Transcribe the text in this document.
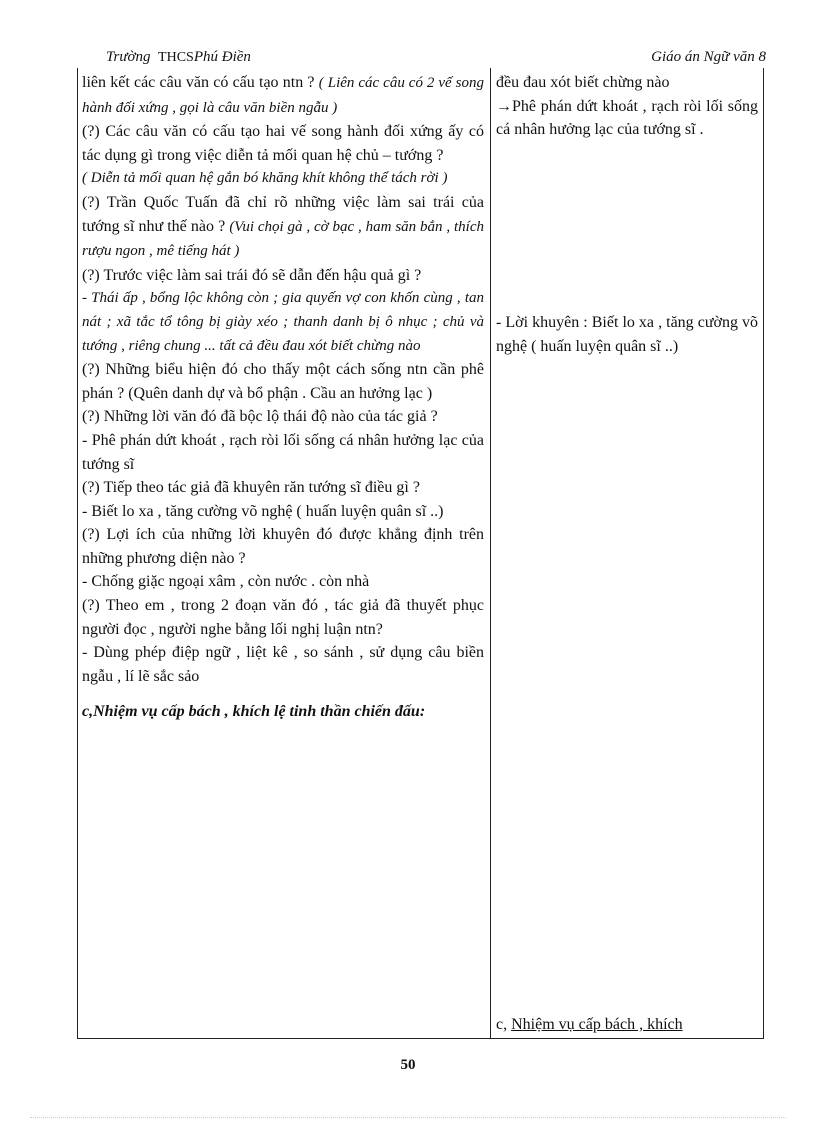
Trường THCSPhú Điền	Giáo án Ngữ văn 8

liên kết các câu văn có cấu tạo ntn ? ( Liên các câu có 2 vế song hành đối xứng , gọi là câu văn biền ngẫu )

(?) Các câu văn có cấu tạo hai vế song hành đối xứng ấy có tác dụng gì trong việc diễn tả mối quan hệ chủ – tướng ?

( Diễn tả mối quan hệ gắn bó khăng khít không thể tách rời )

(?) Trần Quốc Tuấn đã chỉ rõ những việc làm sai trái của tướng sĩ như thế nào ? (Vui chọi gà , cờ bạc , ham săn bắn , thích rượu ngon , mê tiếng hát )

(?) Trước việc làm sai trái đó sẽ dẫn đến hậu quả gì ?

- Thái ấp , bổng lộc không còn ; gia quyến vợ con khốn cùng , tan nát ; xã tắc tổ tông bị giày xéo ; thanh danh bị ô nhục ; chủ và tướng , riêng chung ... tất cả đều đau xót biết chừng nào

(?) Những biểu hiện đó cho thấy một cách sống ntn cần phê phán ? (Quên danh dự và bổ phận . Cầu an hưởng lạc )

(?) Những lời văn đó đã bộc lộ thái độ nào của tác giả ?

- Phê phán dứt khoát , rạch ròi lối sống cá nhân hưởng lạc của tướng sĩ

(?) Tiếp theo tác giả đã khuyên răn tướng sĩ điều gì ?

- Biết lo xa , tăng cường võ nghệ ( huấn luyện quân sĩ ..)

(?) Lợi ích của những lời khuyên đó được khẳng định trên những phương diện nào ?

- Chống giặc ngoại xâm , còn nước . còn nhà

(?) Theo em , trong 2 đoạn văn đó , tác giả đã thuyết phục người đọc , người nghe bằng lối nghị luận ntn?

- Dùng phép điệp ngữ , liệt kê , so sánh , sử dụng câu biền ngẫu , lí lẽ sắc sảo

c,Nhiệm vụ cấp bách , khích lệ tinh thần chiến đấu:

đều đau xót biết chừng nào

→Phê phán dứt khoát , rạch ròi lối sống cá nhân hưởng lạc của tướng sĩ .

- Lời khuyên : Biết lo xa , tăng cường võ nghệ ( huấn luyện quân sĩ ..)

c, Nhiệm vụ cấp bách , khích
50
